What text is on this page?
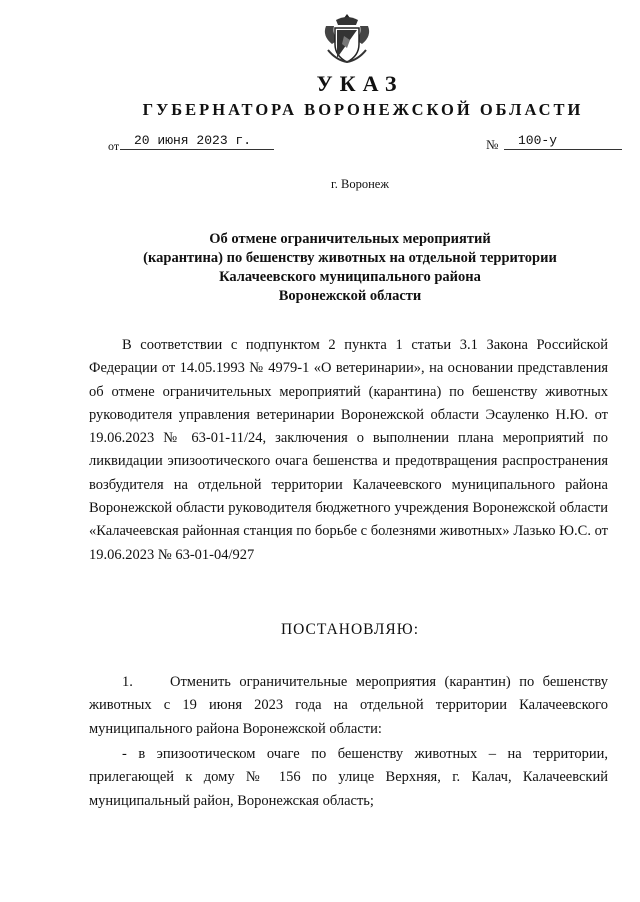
УКАЗ
ГУБЕРНАТОРА ВОРОНЕЖСКОЙ ОБЛАСТИ
от	20 июня 2023 г.	№	100-у
г. Воронеж
Об отмене ограничительных мероприятий
(карантина) по бешенству животных на отдельной территории
Калачеевского муниципального района
Воронежской области
В соответствии с подпунктом 2 пункта 1 статьи 3.1 Закона Российской Федерации от 14.05.1993 № 4979-1 «О ветеринарии», на основании представления об отмене ограничительных мероприятий (карантина) по бешенству животных руководителя управления ветеринарии Воронежской области Эсауленко Н.Ю. от 19.06.2023 № 63-01-11/24, заключения о выполнении плана мероприятий по ликвидации эпизоотического очага бешенства и предотвращения распространения возбудителя на отдельной территории Калачеевского муниципального района Воронежской области руководителя бюджетного учреждения Воронежской области «Калачеевская районная станция по борьбе с болезнями животных» Лазько Ю.С. от 19.06.2023 № 63-01-04/927
ПОСТАНОВЛЯЮ:
1.	Отменить ограничительные мероприятия (карантин) по бешенству животных с 19 июня 2023 года на отдельной территории Калачеевского муниципального района Воронежской области:
- в эпизоотическом очаге по бешенству животных – на территории, прилегающей к дому № 156 по улице Верхняя, г. Калач, Калачеевский муниципальный район, Воронежская область;
